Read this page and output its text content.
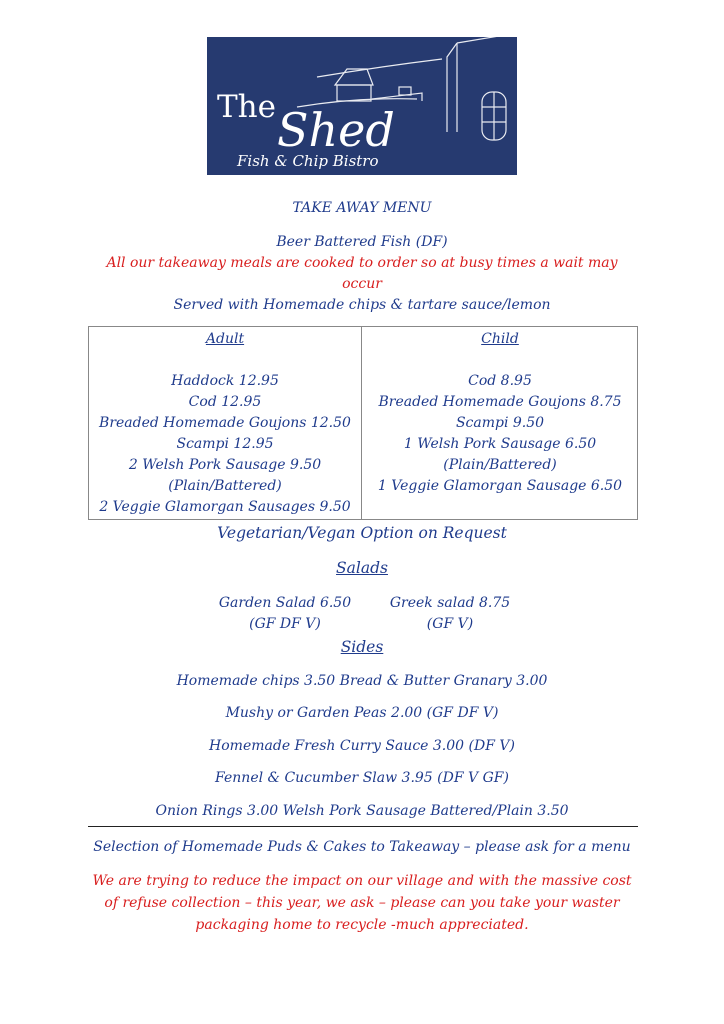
The Shed
Fish & Chip Bistro
TAKE AWAY MENU
Beer Battered Fish (DF)
All our takeaway meals are cooked to order so at busy times a wait may
occur
Served with Homemade chips & tartare sauce/lemon
Adult
Haddock 12.95
Cod 12.95
Breaded Homemade Goujons 12.50
Scampi 12.95
2 Welsh Pork Sausage 9.50
(Plain/Battered)
2 Veggie Glamorgan Sausages 9.50
Child
Cod 8.95
Breaded Homemade Goujons 8.75
Scampi 9.50
1 Welsh Pork Sausage 6.50
(Plain/Battered)
1 Veggie Glamorgan Sausage 6.50
Vegetarian/Vegan Option on Request
Salads
Garden Salad 6.50
(GF DF V)
Greek salad 8.75
(GF V)
Sides
Homemade chips 3.50 Bread & Butter Granary 3.00
Mushy or Garden Peas 2.00 (GF DF V)
Homemade Fresh Curry Sauce 3.00 (DF V)
Fennel & Cucumber Slaw 3.95 (DF V GF)
Onion Rings 3.00 Welsh Pork Sausage Battered/Plain 3.50
Selection of Homemade Puds & Cakes to Takeaway – please ask for a menu
We are trying to reduce the impact on our village and with the massive cost
of refuse collection – this year, we ask – please can you take your waster
packaging home to recycle -much appreciated.
